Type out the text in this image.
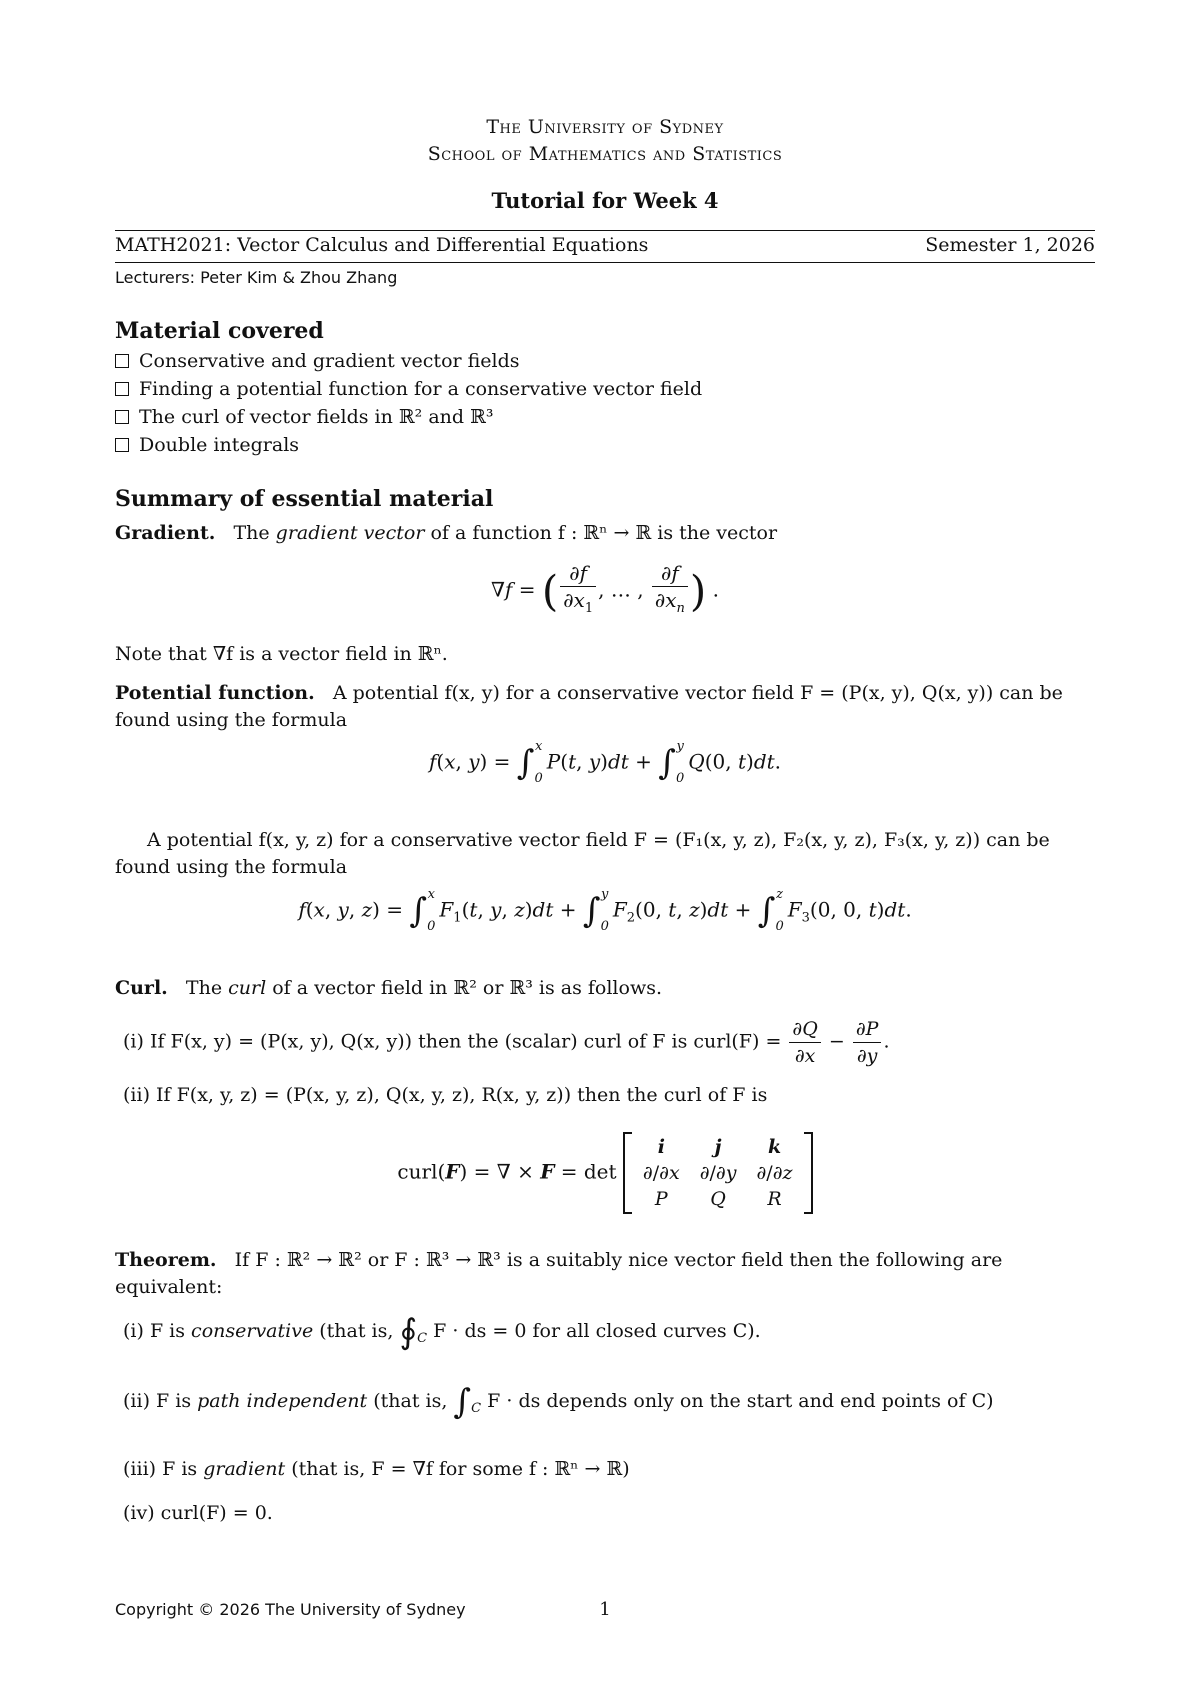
The University of Sydney
School of Mathematics and Statistics
Tutorial for Week 4
MATH2021: Vector Calculus and Differential Equations	Semester 1, 2026
Lecturers: Peter Kim & Zhou Zhang
Material covered
Conservative and gradient vector fields
Finding a potential function for a conservative vector field
The curl of vector fields in ℝ² and ℝ³
Double integrals
Summary of essential material
Gradient. The gradient vector of a function f : ℝⁿ → ℝ is the vector
∇f = ( $\frac{\partial f}{\partial x_1}$ , … , $\frac{\partial f}{\partial x_n}$ ) .
Note that ∇f is a vector field in ℝⁿ.
Potential function. A potential f(x, y) for a conservative vector field F = (P(x, y), Q(x, y)) can be found using the formula
f(x, y) = ∫ x
0P(t, y)dt + ∫ y
0Q(0, t)dt.
A potential f(x, y, z) for a conservative vector field F = (F₁(x, y, z), F₂(x, y, z), F₃(x, y, z)) can be found using the formula
f(x, y, z) = ∫ x
$0F_1(t$, y, z)dt + ∫ y
$0F_2(0$, t, z)dt + ∫ z
$0F_3(0$, 0, t)dt.
Curl. The curl of a vector field in ℝ² or ℝ³ is as follows.
(i) If F(x, y) = (P(x, y), Q(x, y)) then the (scalar) curl of F is curl(F) = $\frac{\partial Q}{\partial x} - \frac{\partial P}{\partial y}$ .
(ii) If F(x, y, z) = (P(x, y, z), Q(x, y, z), R(x, y, z)) then the curl of F is
curl(F) = ∇ × F = det
i	j	k
∂/∂x	∂/∂y	∂/∂z
P	Q	R
Theorem. If F : ℝ² → ℝ² or F : ℝ³ → ℝ³ is a suitably nice vector field then the following are equivalent:
(i) F is conservative (that is, $∮_C$ F · ds = 0 for all closed curves C).
(ii) F is path independent (that is, $\int_C$ F · ds depends only on the start and end points of C)
(iii) F is gradient (that is, F = ∇f for some f : ℝⁿ → ℝ)
(iv) curl(F) = 0.
Copyright © 2026 The University of Sydney	1
